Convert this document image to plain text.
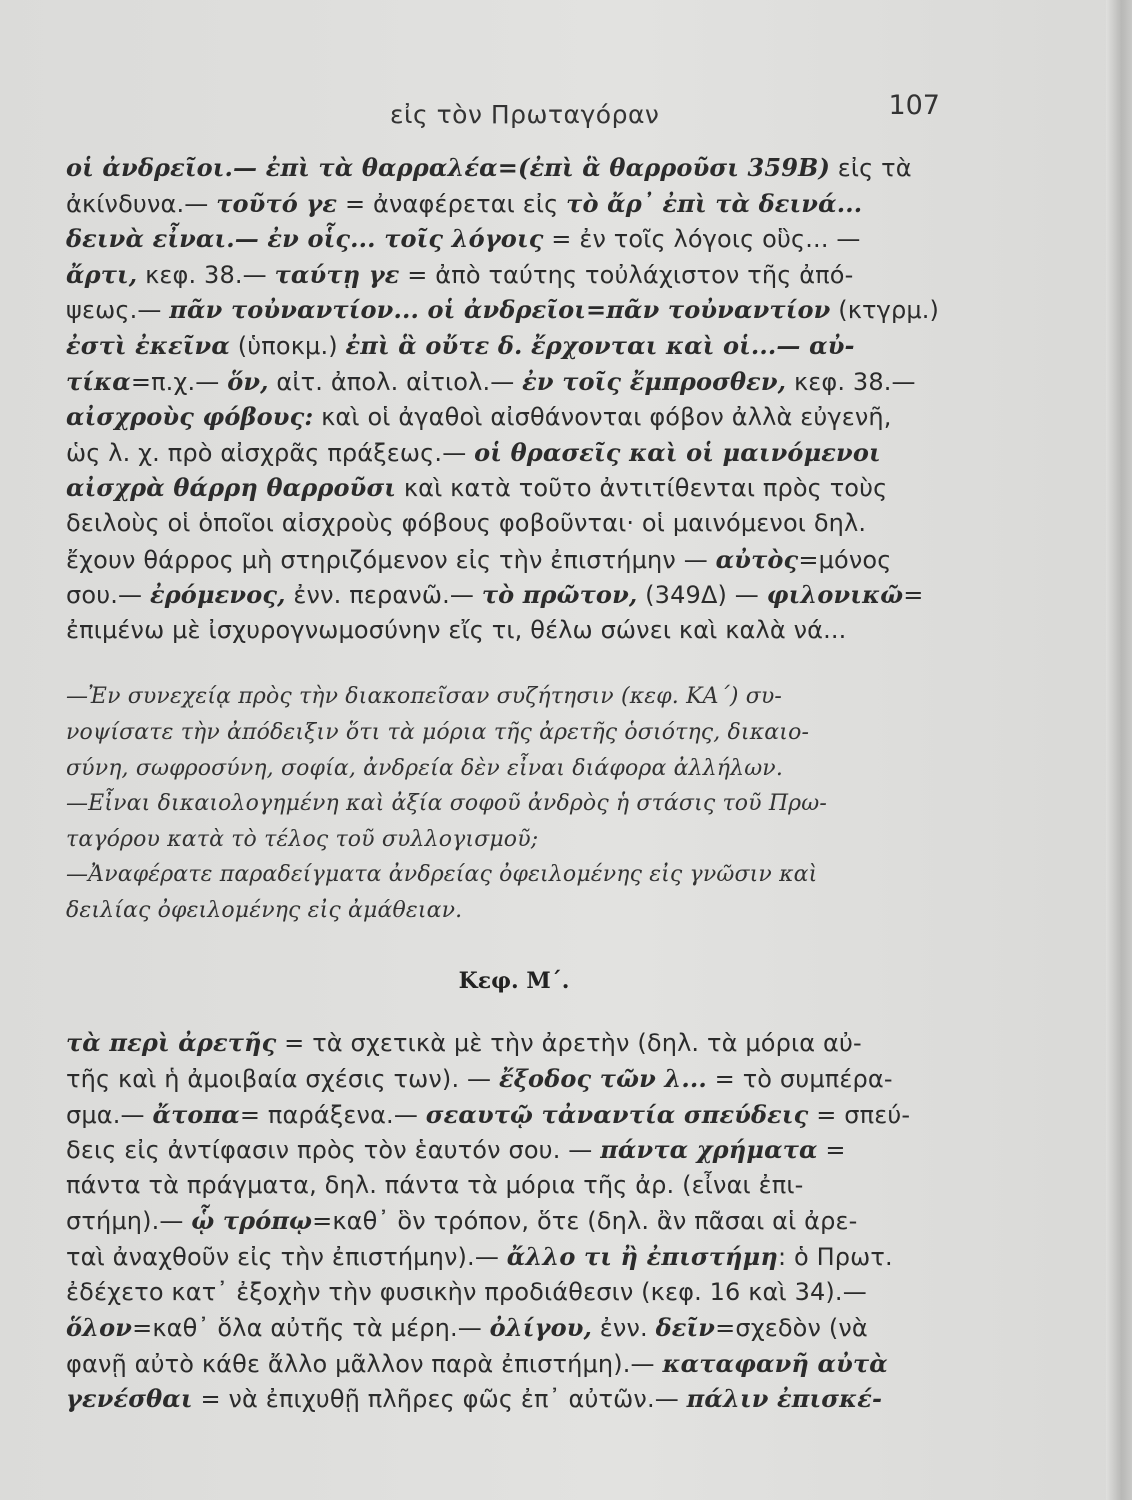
εἰς τὸν Πρωταγόραν	107
οἱ ἀνδρεῖοι.— ἐπὶ τὰ θαρραλέα=(ἐπὶ ἃ θαρροῦσι 359Β) εἰς τὰ
ἀκίνδυνα.— τοῦτό γε = ἀναφέρεται εἰς τὸ ἄρ᾿ ἐπὶ τὰ δεινά...
δεινὰ εἶναι.— ἐν οἷς... τοῖς λόγοις = ἐν τοῖς λόγοις οὓς... —
ἄρτι, κεφ. 38.— ταύτῃ γε = ἀπὸ ταύτης τοὐλάχιστον τῆς ἀπό-
ψεως.— πᾶν τοὐναντίον... οἱ ἀνδρεῖοι=πᾶν τοὐναντίον (κτγρμ.)
ἐστὶ ἐκεῖνα (ὑποκμ.) ἐπὶ ἃ οὔτε δ. ἔρχονται καὶ οἱ...— αὐ-
τίκα=π.χ.— ὅν, αἰτ. ἀπολ. αἰτιολ.— ἐν τοῖς ἔμπροσθεν, κεφ. 38.—
αἰσχροὺς φόβους: καὶ οἱ ἀγαθοὶ αἰσθάνονται φόβον ἀλλὰ εὐγενῆ,
ὡς λ. χ. πρὸ αἰσχρᾶς πράξεως.— οἱ θρασεῖς καὶ οἱ μαινόμενοι
αἰσχρὰ θάρρη θαρροῦσι καὶ κατὰ τοῦτο ἀντιτίθενται πρὸς τοὺς
δειλοὺς οἱ ὁποῖοι αἰσχροὺς φόβους φοβοῦνται· οἱ μαινόμενοι δηλ.
ἔχουν θάρρος μὴ στηριζόμενον εἰς τὴν ἐπιστήμην — αὐτὸς=μόνος
σου.— ἐρόμενος, ἐνν. περανῶ.— τὸ πρῶτον, (349Δ) — φιλονικῶ=
ἐπιμένω μὲ ἰσχυρογνωμοσύνην εἴς τι, θέλω σώνει καὶ καλὰ νά...
—Ἐν συνεχείᾳ πρὸς τὴν διακοπεῖσαν συζήτησιν (κεφ. ΚΑ´) συ-
νοψίσατε τὴν ἀπόδειξιν ὅτι τὰ μόρια τῆς ἀρετῆς ὁσιότης, δικαιο-
σύνη, σωφροσύνη, σοφία, ἀνδρεία δὲν εἶναι διάφορα ἀλλήλων.
—Εἶναι δικαιολογημένη καὶ ἀξία σοφοῦ ἀνδρὸς ἡ στάσις τοῦ Πρω-
ταγόρου κατὰ τὸ τέλος τοῦ συλλογισμοῦ;
—Ἀναφέρατε παραδείγματα ἀνδρείας ὀφειλομένης εἰς γνῶσιν καὶ
δειλίας ὀφειλομένης εἰς ἀμάθειαν.
Κεφ. Μ΄.
τὰ περὶ ἀρετῆς = τὰ σχετικὰ μὲ τὴν ἀρετὴν (δηλ. τὰ μόρια αὐ-
τῆς καὶ ἡ ἀμοιβαία σχέσις των). — ἔξοδος τῶν λ... = τὸ συμπέρα-
σμα.— ἄτοπα= παράξενα.— σεαυτῷ τἀναντία σπεύδεις = σπεύ-
δεις εἰς ἀντίφασιν πρὸς τὸν ἑαυτόν σου. — πάντα χρήματα =
πάντα τὰ πράγματα, δηλ. πάντα τὰ μόρια τῆς ἀρ. (εἶναι ἐπι-
στήμη).— ᾧ τρόπῳ=καθ᾿ ὃν τρόπον, ὅτε (δηλ. ἂν πᾶσαι αἱ ἀρε-
ταὶ ἀναχθοῦν εἰς τὴν ἐπιστήμην).— ἄλλο τι ἢ ἐπιστήμη: ὁ Πρωτ.
ἐδέχετο κατ᾿ ἐξοχὴν τὴν φυσικὴν προδιάθεσιν (κεφ. 16 καὶ 34).—
ὅλον=καθ᾿ ὅλα αὐτῆς τὰ μέρη.— ὀλίγου, ἐνν. δεῖν=σχεδὸν (νὰ
φανῇ αὐτὸ κάθε ἄλλο μᾶλλον παρὰ ἐπιστήμη).— καταφανῆ αὐτὰ
γενέσθαι = νὰ ἐπιχυθῇ πλῆρες φῶς ἐπ᾿ αὐτῶν.— πάλιν ἐπισκέ-
